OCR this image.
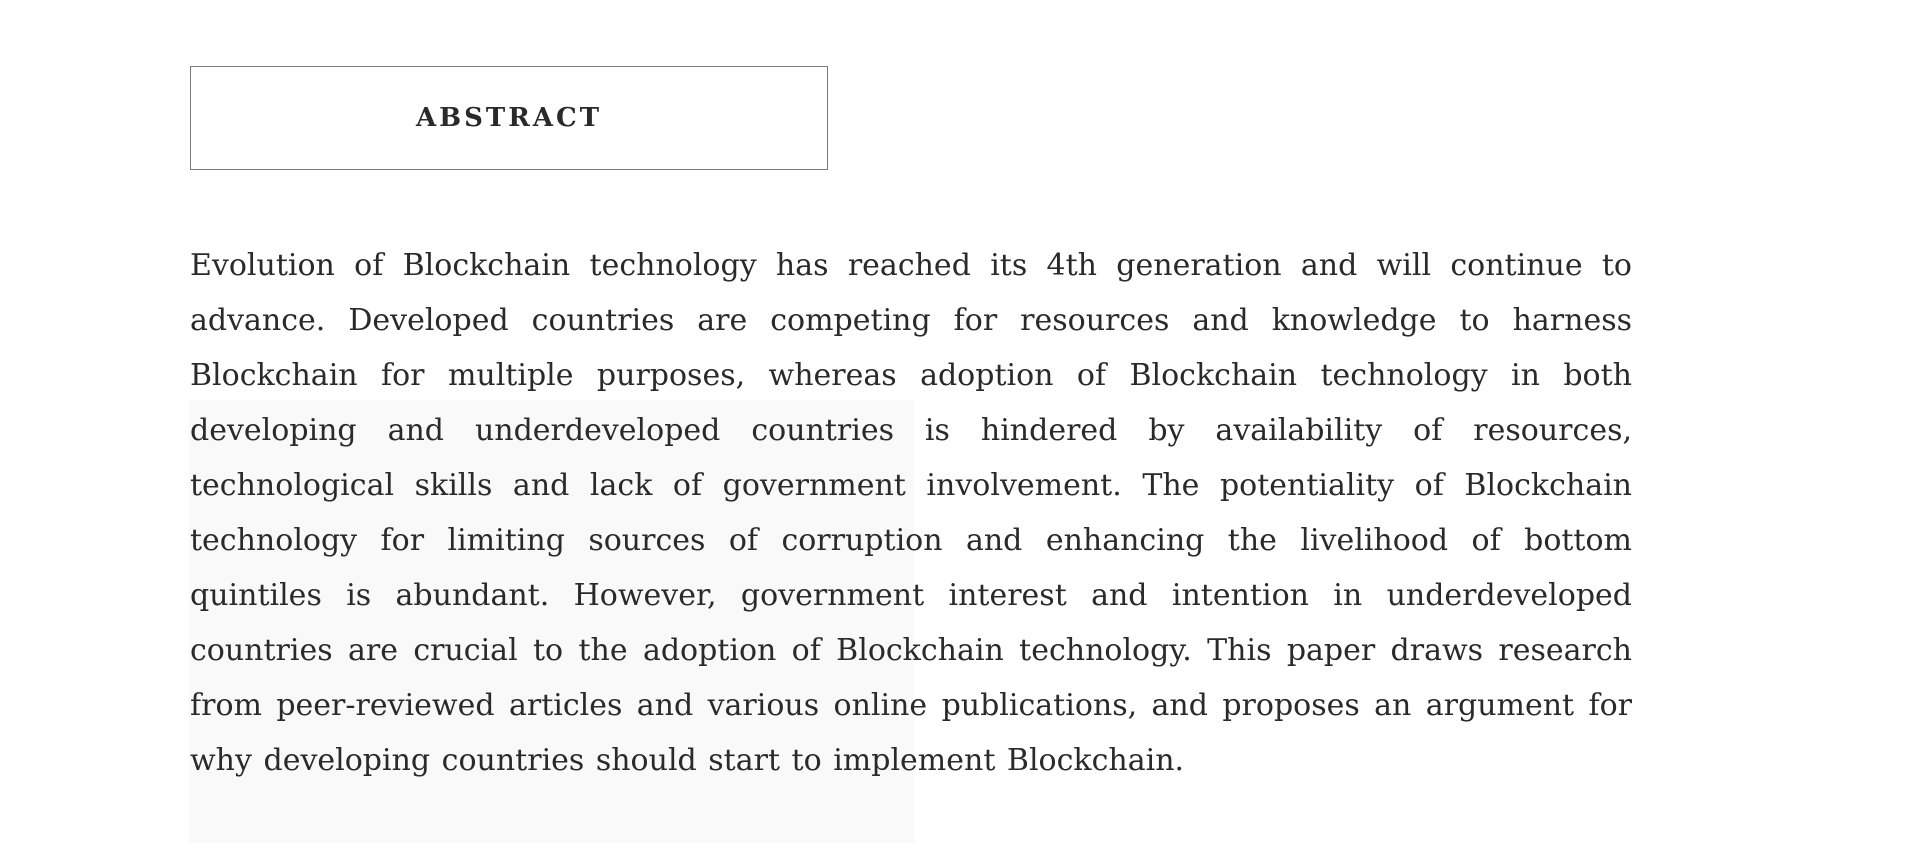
ABSTRACT

Evolution of Blockchain technology has reached its 4th generation and will continue to advance. Developed countries are competing for resources and knowledge to harness Blockchain for multiple purposes, whereas adoption of Blockchain technology in both developing and underdeveloped countries is hindered by availability of resources, technological skills and lack of government involvement. The potentiality of Blockchain technology for limiting sources of corruption and enhancing the livelihood of bottom quintiles is abundant. However, government interest and intention in underdeveloped countries are crucial to the adoption of Blockchain technology. This paper draws research from peer-reviewed articles and various online publications, and proposes an argument for why developing countries should start to implement Blockchain.
